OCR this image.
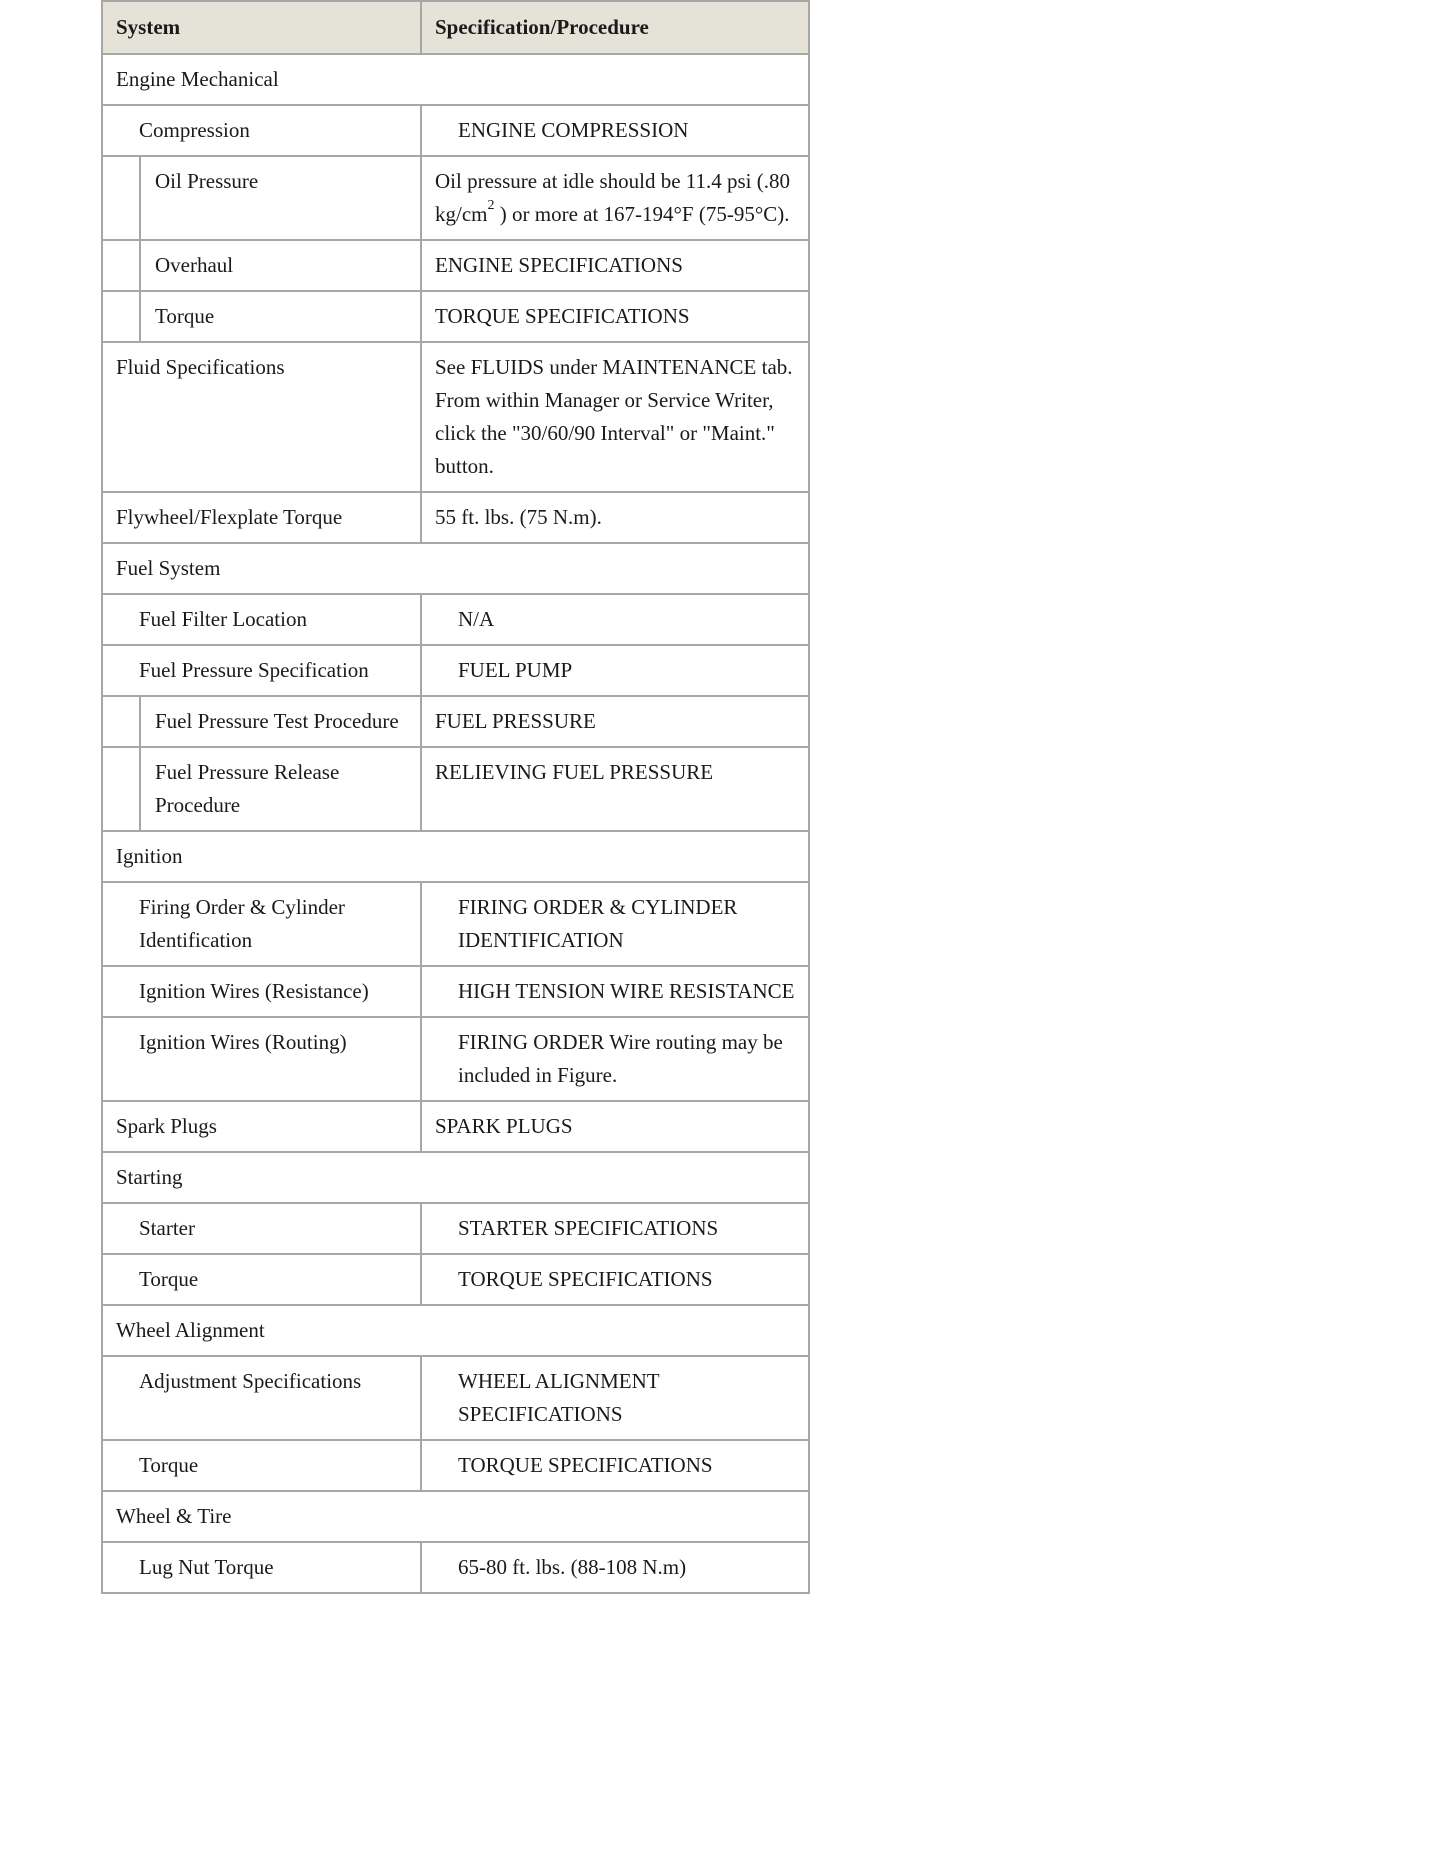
System	Specification/Procedure
Engine Mechanical	
Compression	ENGINE COMPRESSION

Oil Pressure	Oil pressure at idle should be 11.4 psi (.80 $kg/cm^2$ ) or more at 167-194°F (75-95°C).

Overhaul	ENGINE SPECIFICATIONS

Torque	TORQUE SPECIFICATIONS
Fluid Specifications	See FLUIDS under MAINTENANCE tab. From within Manager or Service Writer, click the "30/60/90 Interval" or "Maint." button.
Flywheel/Flexplate Torque	55 ft. lbs. (75 N.m).
Fuel System	
Fuel Filter Location	N/A
Fuel Pressure Specification	FUEL PUMP

Fuel Pressure Test Procedure	FUEL PRESSURE

Fuel Pressure Release Procedure	RELIEVING FUEL PRESSURE
Ignition	
Firing Order & Cylinder Identification	FIRING ORDER & CYLINDER IDENTIFICATION
Ignition Wires (Resistance)	HIGH TENSION WIRE RESISTANCE
Ignition Wires (Routing)	FIRING ORDER Wire routing may be included in Figure.
Spark Plugs	SPARK PLUGS
Starting	
Starter	STARTER SPECIFICATIONS
Torque	TORQUE SPECIFICATIONS
Wheel Alignment	
Adjustment Specifications	WHEEL ALIGNMENT SPECIFICATIONS
Torque	TORQUE SPECIFICATIONS
Wheel & Tire	
Lug Nut Torque	65-80 ft. lbs. (88-108 N.m)
